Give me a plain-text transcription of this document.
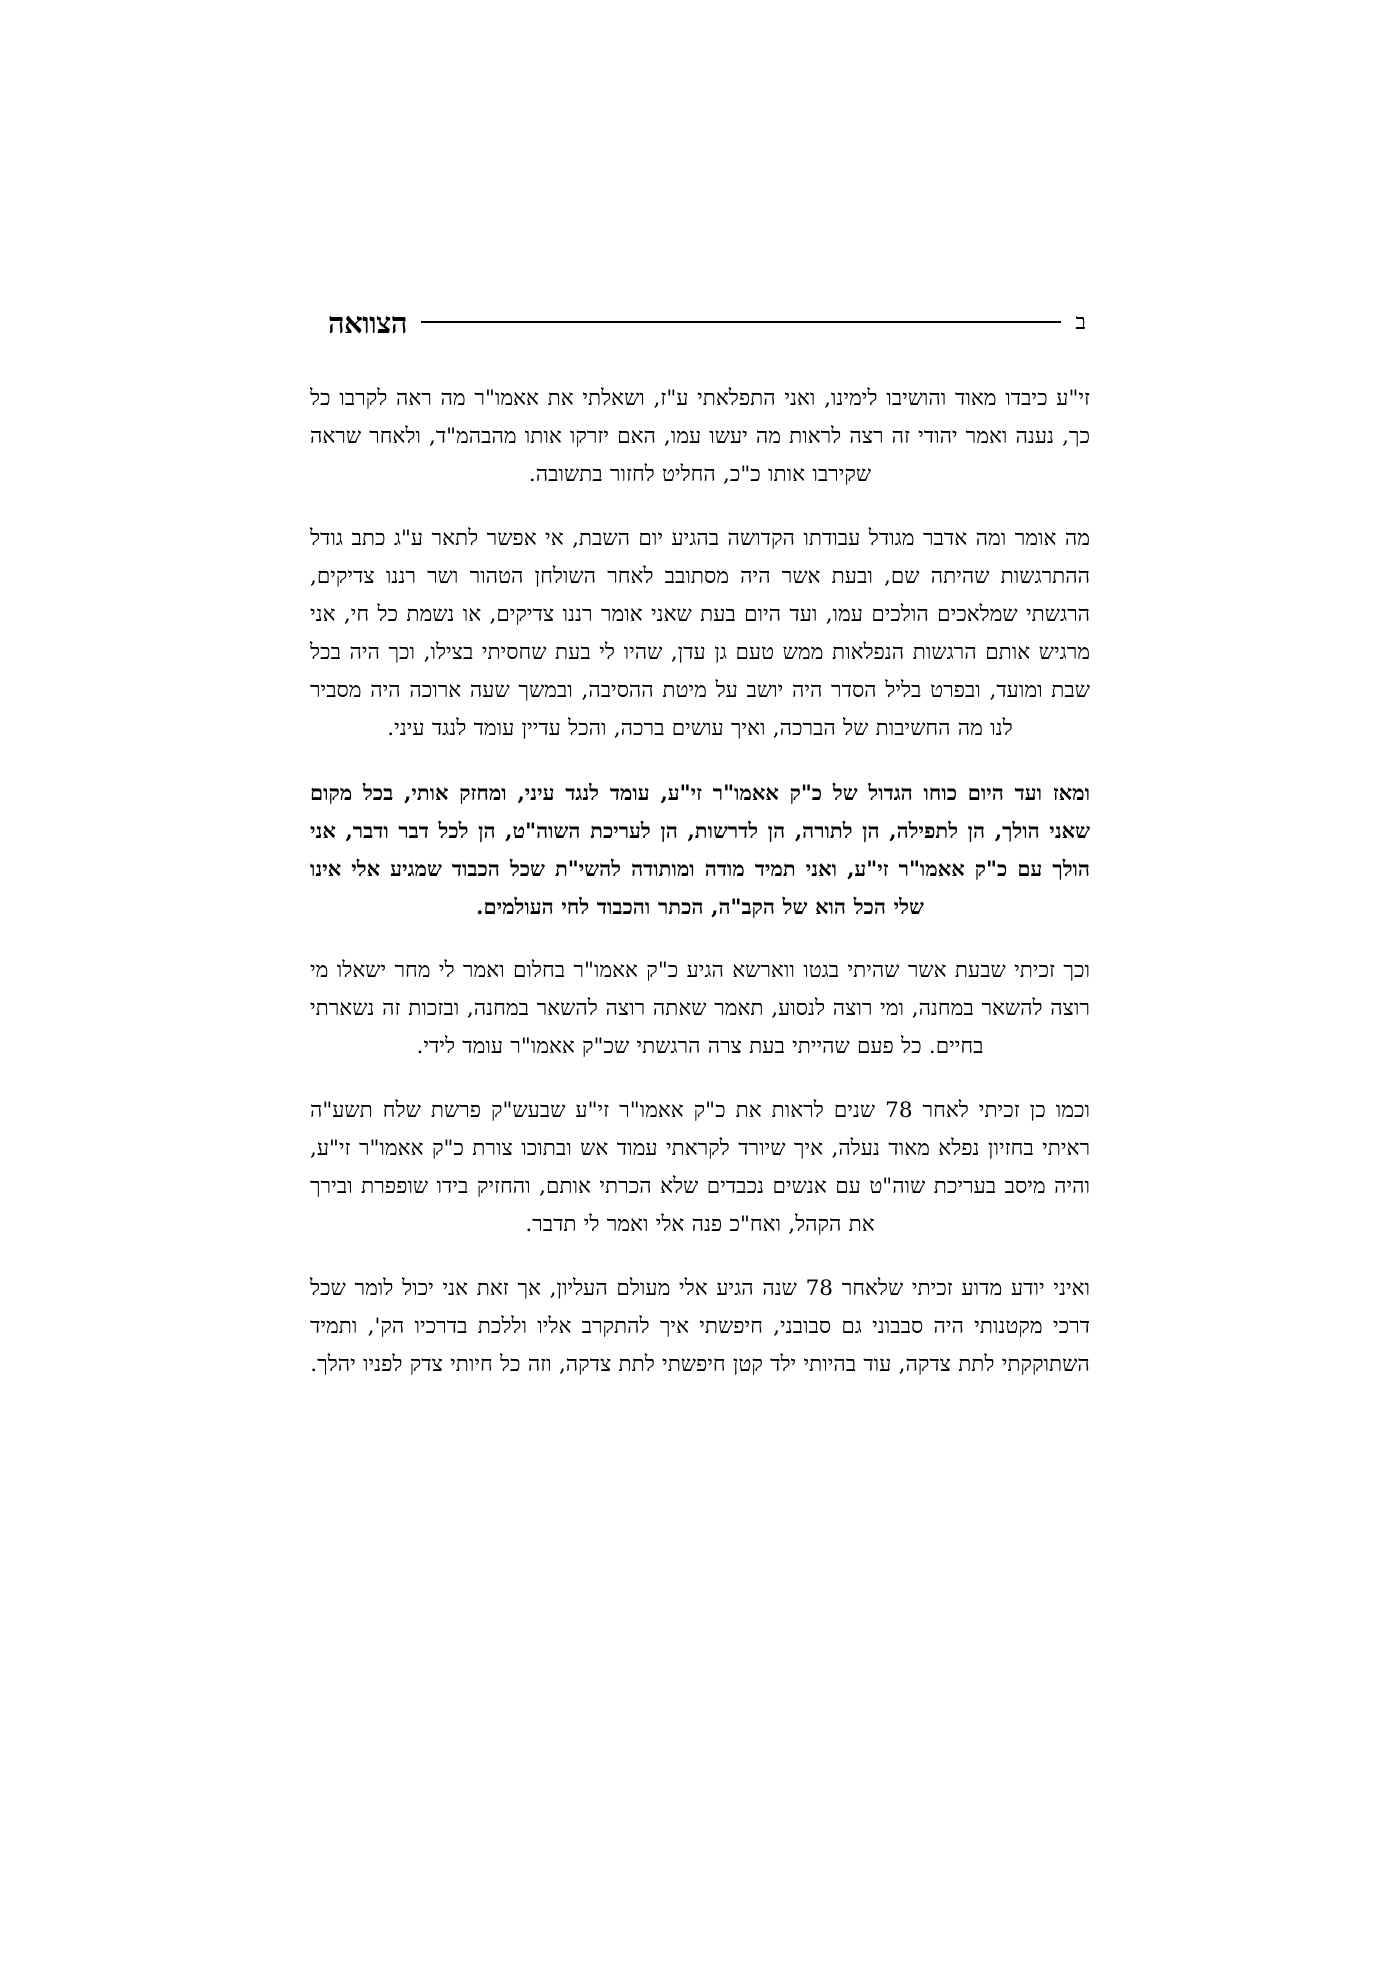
הצוואה	ב

זי"ע כיבדו מאוד והושיבו לימינו, ואני התפלאתי ע"ז, ושאלתי את אאמו"ר מה ראה לקרבו כל כך, נענה ואמר יהודי זה רצה לראות מה יעשו עמו, האם יזרקו אותו מהבהמ"ד, ולאחר שראה שקירבו אותו כ"כ, החליט לחזור בתשובה.

מה אומר ומה אדבר מגודל עבודתו הקדושה בהגיע יום השבת, אי אפשר לתאר ע"ג כתב גודל ההתרגשות שהיתה שם, ובעת אשר היה מסתובב לאחר השולחן הטהור ושר רננו צדיקים, הרגשתי שמלאכים הולכים עמו, ועד היום בעת שאני אומר רננו צדיקים, או נשמת כל חי, אני מרגיש אותם הרגשות הנפלאות ממש טעם גן עדן, שהיו לי בעת שחסיתי בצילו, וכך היה בכל שבת ומועד, ובפרט בליל הסדר היה יושב על מיטת ההסיבה, ובמשך שעה ארוכה היה מסביר לנו מה החשיבות של הברכה, ואיך עושים ברכה, והכל עדיין עומד לנגד עיני.

ומאז ועד היום כוחו הגדול של כ"ק אאמו"ר זי"ע, עומד לנגד עיני, ומחזק אותי, בכל מקום שאני הולך, הן לתפילה, הן לתורה, הן לדרשות, הן לעריכת השוה"ט, הן לכל דבר ודבר, אני הולך עם כ"ק אאמו"ר זי"ע, ואני תמיד מודה ומותודה להשי"ת שכל הכבוד שמגיע אלי אינו שלי הכל הוא של הקב"ה, הכתר והכבוד לחי העולמים.

וכך זכיתי שבעת אשר שהיתי בגטו ווארשא הגיע כ"ק אאמו"ר בחלום ואמר לי מחר ישאלו מי רוצה להשאר במחנה, ומי רוצה לנסוע, תאמר שאתה רוצה להשאר במחנה, ובזכות זה נשארתי בחיים. כל פעם שהייתי בעת צרה הרגשתי שכ"ק אאמו"ר עומד לידי.

וכמו כן זכיתי לאחר 78 שנים לראות את כ"ק אאמו"ר זי"ע שבעש"ק פרשת שלח תשע"ה ראיתי בחזיון נפלא מאוד נעלה, איך שיורד לקראתי עמוד אש ובתוכו צורת כ"ק אאמו"ר זי"ע, והיה מיסב בעריכת שוה"ט עם אנשים נכבדים שלא הכרתי אותם, והחזיק בידו שופפרת ובירך את הקהל, ואח"כ פנה אלי ואמר לי תדבר.

ואיני יודע מדוע זכיתי שלאחר 78 שנה הגיע אלי מעולם העליון, אך זאת אני יכול לומר שכל דרכי מקטנותי היה סבבוני גם סבובני, חיפשתי איך להתקרב אליו וללכת בדרכיו הק', ותמיד השתוקקתי לתת צדקה, עוד בהיותי ילד קטן חיפשתי לתת צדקה, וזה כל חיותי צדק לפניו יהלך.
